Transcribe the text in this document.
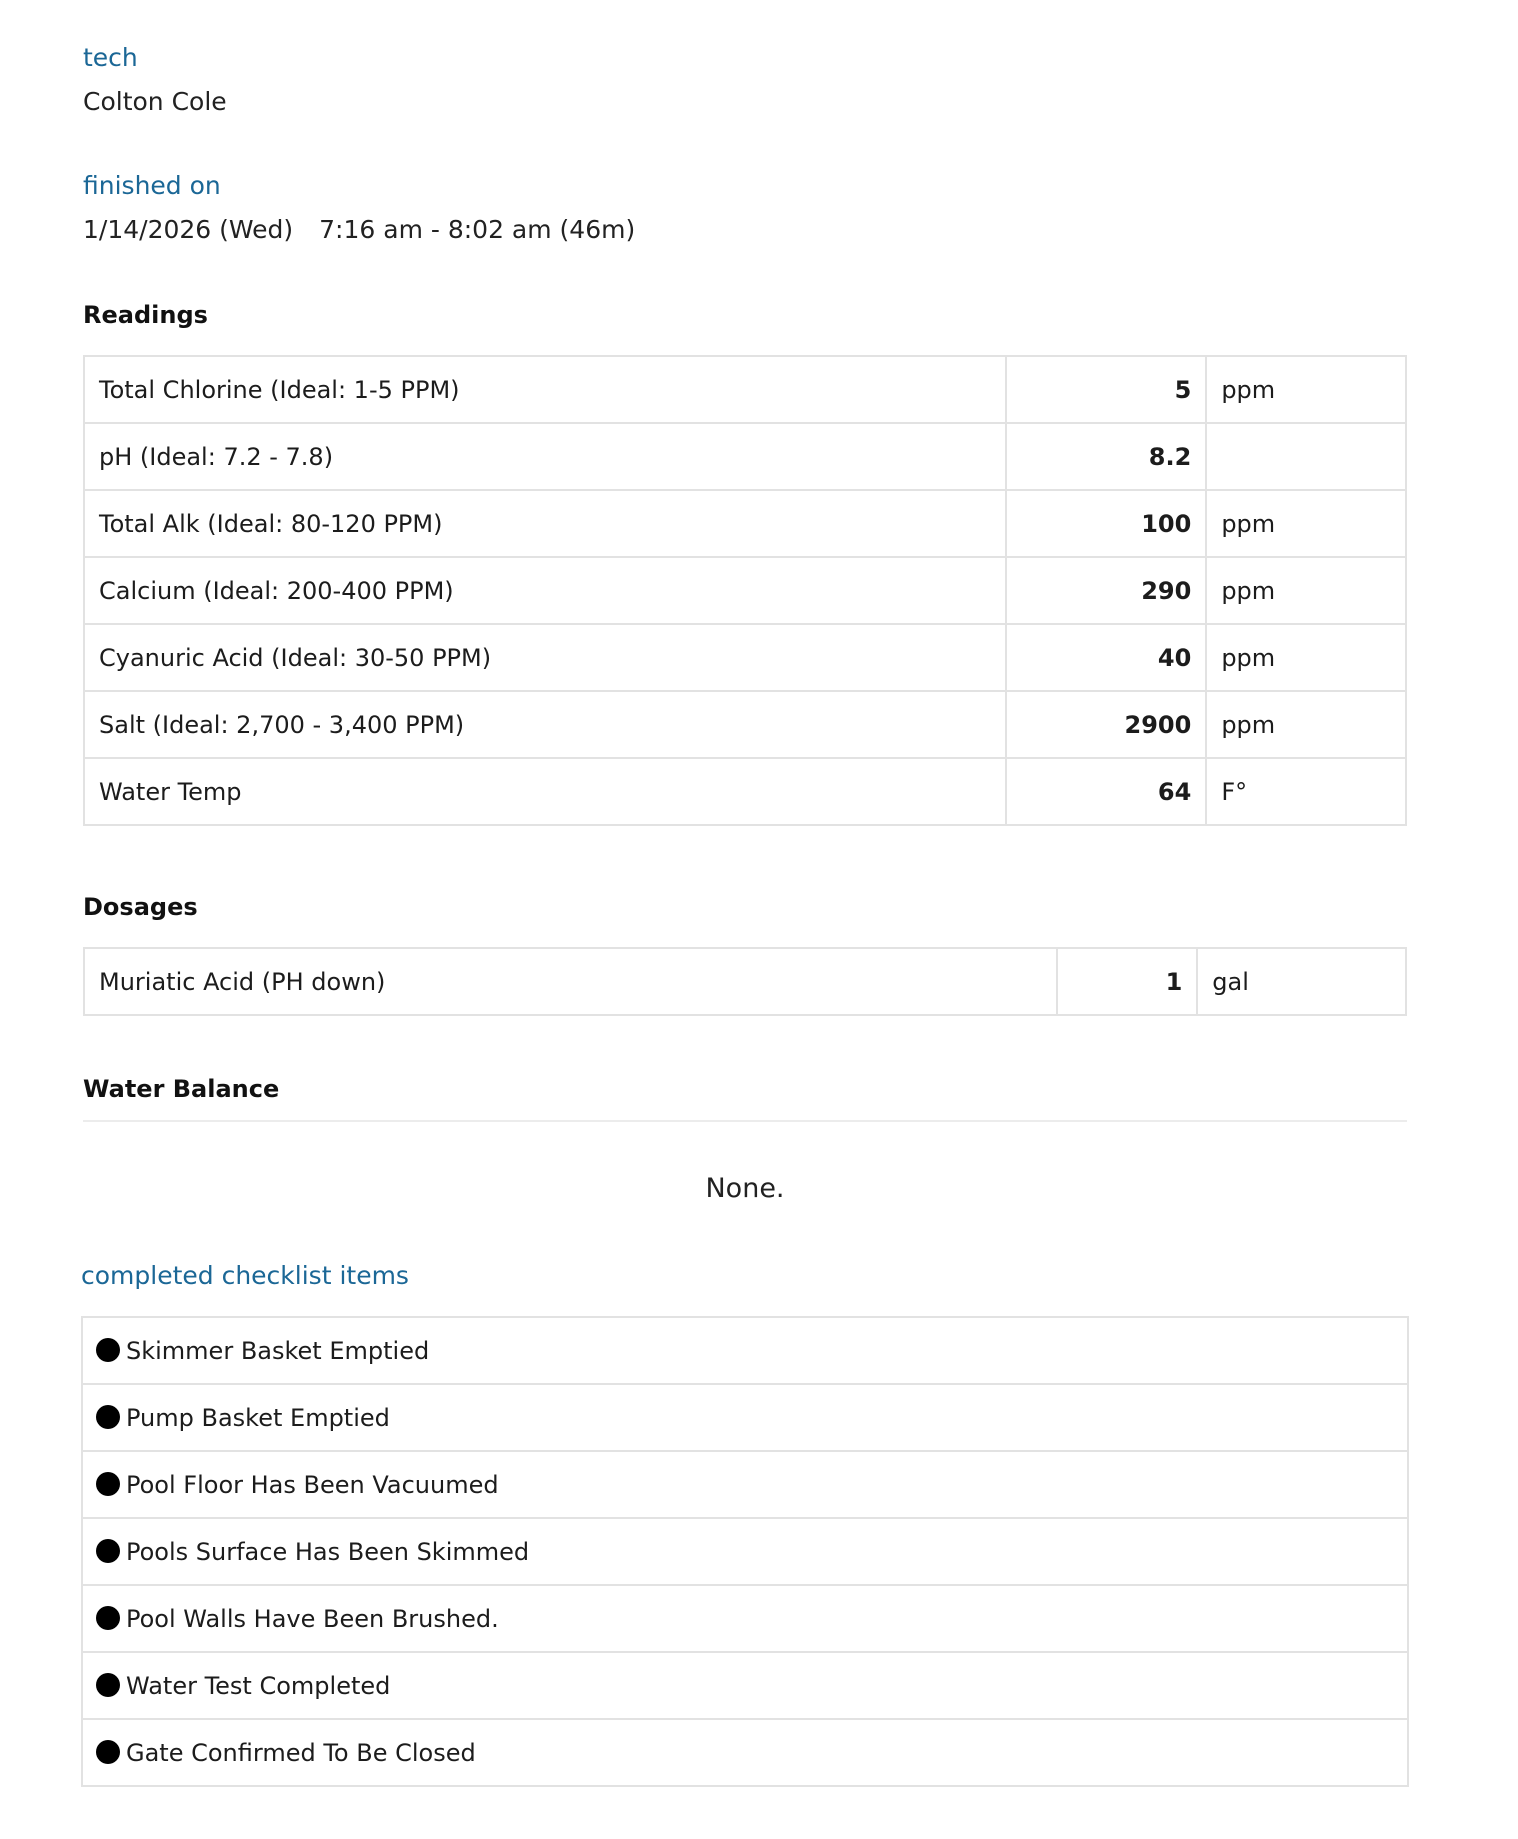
tech
Colton Cole
finished on
1/14/2026 (Wed) 7:16 am - 8:02 am (46m)
Readings
Total Chlorine (Ideal: 1-5 PPM)	5	ppm
pH (Ideal: 7.2 - 7.8)	8.2	
Total Alk (Ideal: 80-120 PPM)	100	ppm
Calcium (Ideal: 200-400 PPM)	290	ppm
Cyanuric Acid (Ideal: 30-50 PPM)	40	ppm
Salt (Ideal: 2,700 - 3,400 PPM)	2900	ppm
Water Temp	64	F°
Dosages
Muriatic Acid (PH down)	1	gal
Water Balance
None.
completed checklist items
Skimmer Basket Emptied
Pump Basket Emptied
Pool Floor Has Been Vacuumed
Pools Surface Has Been Skimmed
Pool Walls Have Been Brushed.
Water Test Completed
Gate Confirmed To Be Closed
